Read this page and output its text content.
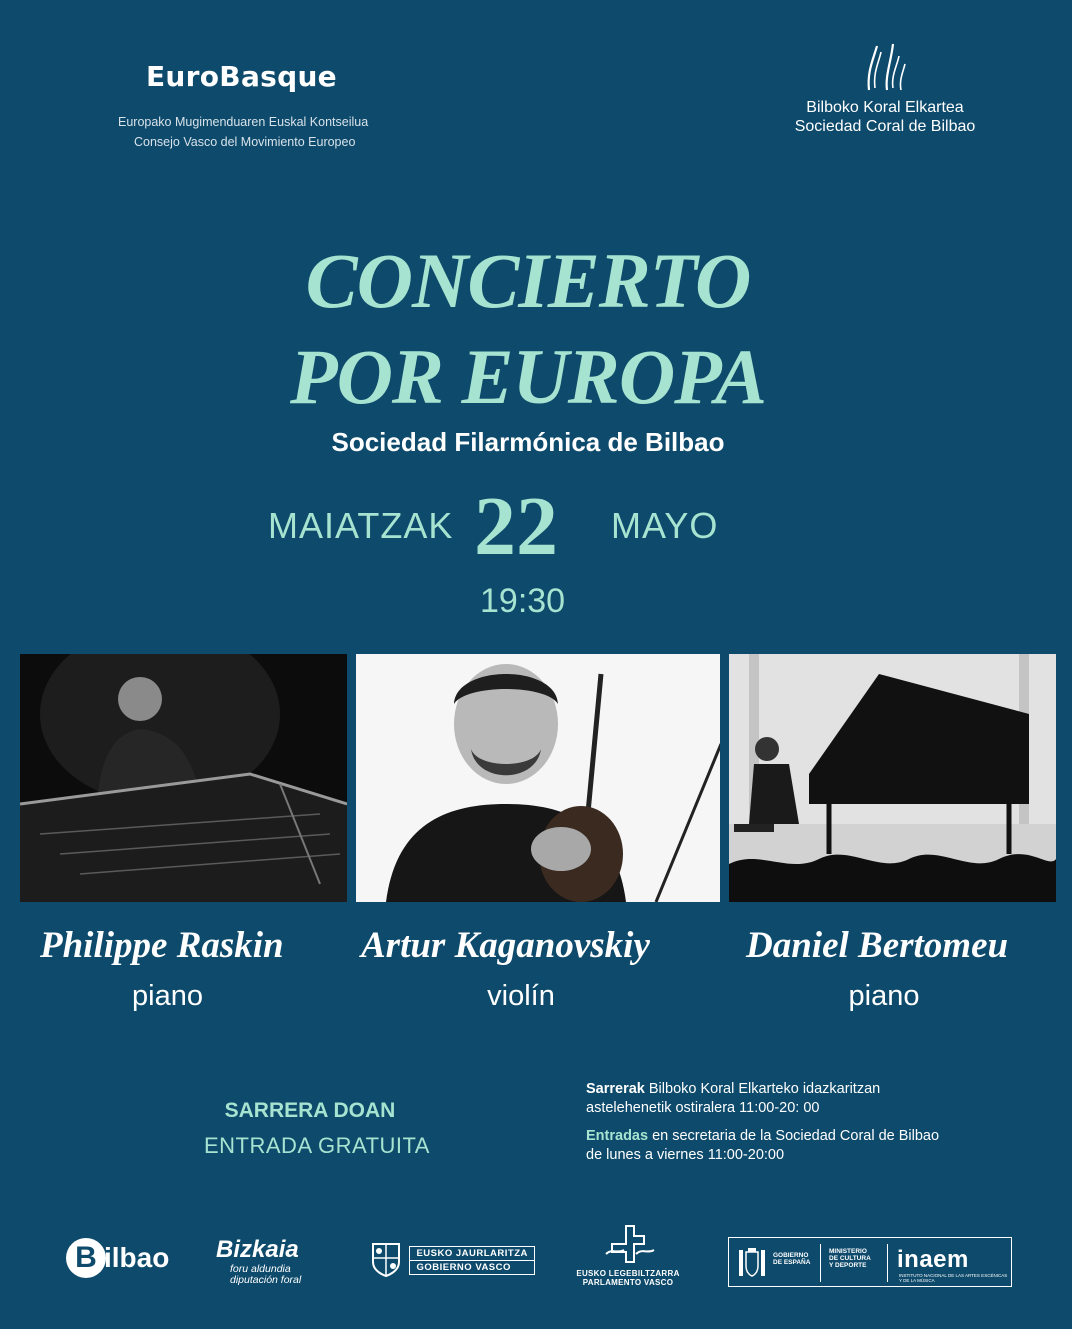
EuroBasque
Europako Mugimenduaren Euskal Kontseilua
Consejo Vasco del Movimiento Europeo
Bilboko Koral Elkartea
Sociedad Coral de Bilbao
CONCIERTO
POR EUROPA
Sociedad Filarmónica de Bilbao
MAIATZAK 22 MAYO
19:30
Philippe Raskin
piano
Artur Kaganovskiy
violín
Daniel Bertomeu
piano
SARRERA DOAN
ENTRADA GRATUITA

Sarrerak Bilboko Koral Elkarteko idazkaritzan
astelehenetik ostiralera 11:00-20: 00

Entradas en secretaria de la Sociedad Coral de Bilbao
de lunes a viernes 11:00-20:00

B ilbao Bizkaia
foru aldundia
diputación foral

EUSKO JAURLARITZA
GOBIERNO VASCO
EUSKO LEGEBILTZARRA
PARLAMENTO VASCO
GOBIERNO
DE ESPAÑA
MINISTERIO
DE CULTURA
Y DEPORTE inaem
INSTITUTO NACIONAL DE LAS ARTES ESCÉNICAS Y DE LA MÚSICA
